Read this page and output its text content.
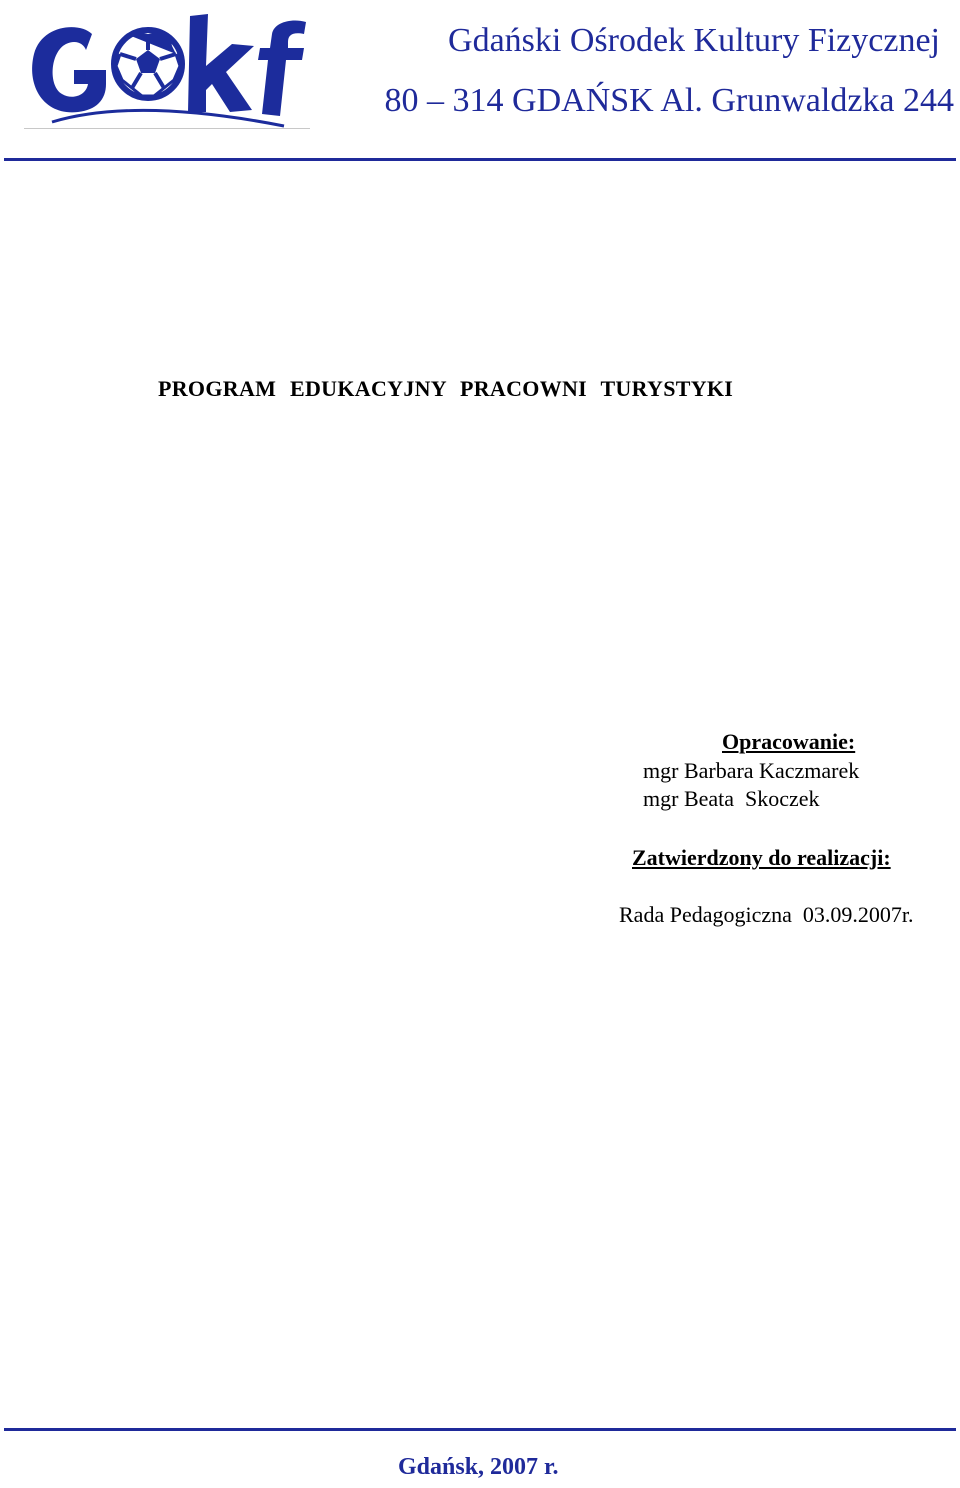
Gdański Ośrodek Kultury Fizycznej
80 – 314 GDAŃSK Al. Grunwaldzka 244
PROGRAM EDUKACYJNY PRACOWNI TURYSTYKI
Opracowanie:
mgr Barbara Kaczmarek
mgr Beata  Skoczek
Zatwierdzony do realizacji:
Rada Pedagogiczna  03.09.2007r.
Gdańsk, 2007 r.
